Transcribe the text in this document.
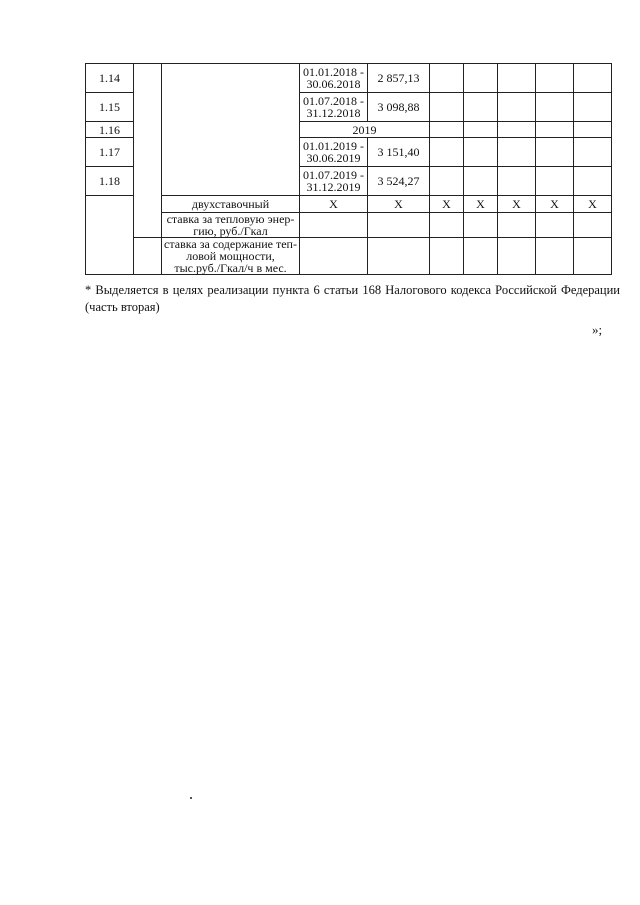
1.14			01.01.2018 - 30.06.2018	2 857,13					
1.15			01.07.2018 - 31.12.2018	3 098,88					
1.16			2019						
1.17			01.01.2019 - 30.06.2019	3 151,40					
1.18			01.07.2019 - 31.12.2019	3 524,27					
		двухставочный	X	X	X	X	X	X	X
		ставка за тепловую энер-гию, руб./Гкал							
		ставка за содержание теп-ловой мощности, тыс.руб./Гкал/ч в мес.							
* Выделяется в целях реализации пункта 6 статьи 168 Налогового кодекса Российской Федерации (часть вторая)
»;
